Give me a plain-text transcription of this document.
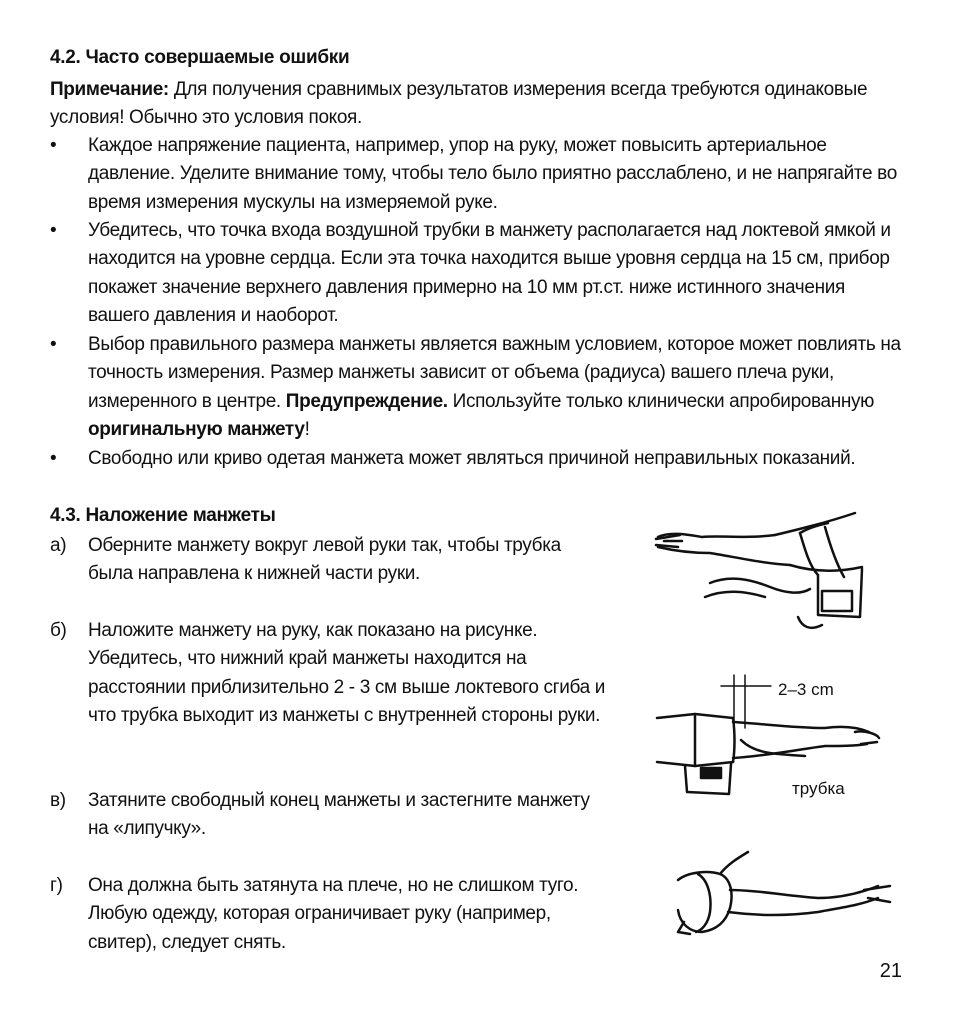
4.2. Часто совершаемые ошибки
Примечание: Для получения сравнимых результатов измерения всегда требуются одинаковые условия! Обычно это условия покоя.
• Каждое напряжение пациента, например, упор на руку, может повысить артериальное давление. Уделите внимание тому, чтобы тело было приятно расслаблено, и не напрягайте во время измерения мускулы на измеряемой руке.
• Убедитесь, что точка входа воздушной трубки в манжету располагается над локтевой ямкой и находится на уровне сердца. Если эта точка находится выше уровня сердца на 15 см, прибор покажет значение верхнего давления примерно на 10 мм рт.ст. ниже истинного значения вашего давления и наоборот.
• Выбор правильного размера манжеты является важным условием, которое может повлиять на точность измерения. Размер манжеты зависит от объема (радиуса) вашего плеча руки, измеренного в центре. Предупреждение. Используйте только клинически апробированную оригинальную манжету!
• Свободно или криво одетая манжета может являться причиной неправильных показаний.
4.3. Наложение манжеты
а) Оберните манжету вокруг левой руки так, чтобы трубка была направлена к нижней части руки.
б) Наложите манжету на руку, как показано на рисунке. Убедитесь, что нижний край манжеты находится на расстоянии приблизительно 2 - 3 см выше локтевого сгиба и что трубка выходит из манжеты с внутренней стороны руки.
в) Затяните свободный конец манжеты и застегните манжету на «липучку».
г) Она должна быть затянута на плече, но не слишком туго. Любую одежду, которая ограничивает руку (например, свитер), следует снять.
2–3 cm
трубка
21
